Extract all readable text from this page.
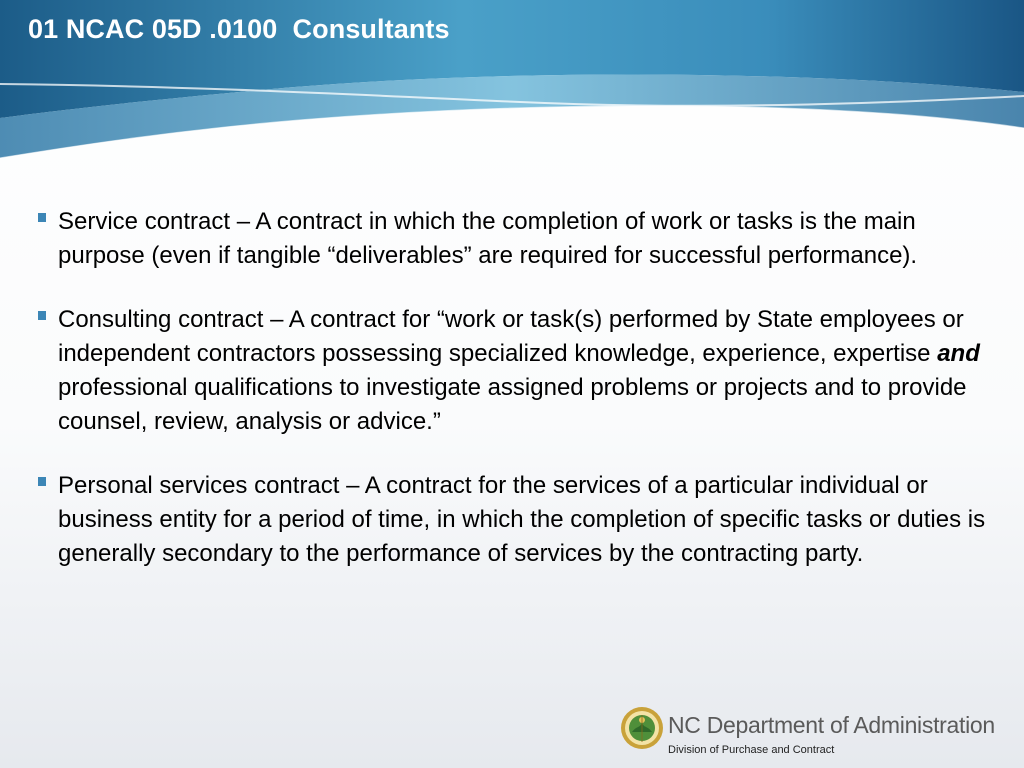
01 NCAC 05D .0100  Consultants
Service contract – A contract in which the completion of work or tasks is the main purpose (even if tangible “deliverables” are required for successful performance).
Consulting contract – A contract for “work or task(s) performed by State employees or independent contractors possessing specialized knowledge, experience, expertise and professional qualifications to investigate assigned problems or projects and to provide counsel, review, analysis or advice.”
Personal services contract – A contract for the services of a particular individual or business entity for a period of time, in which the completion of specific tasks or duties is generally secondary to the performance of services by the contracting party.
NC Department of Administration
Division of Purchase and Contract
